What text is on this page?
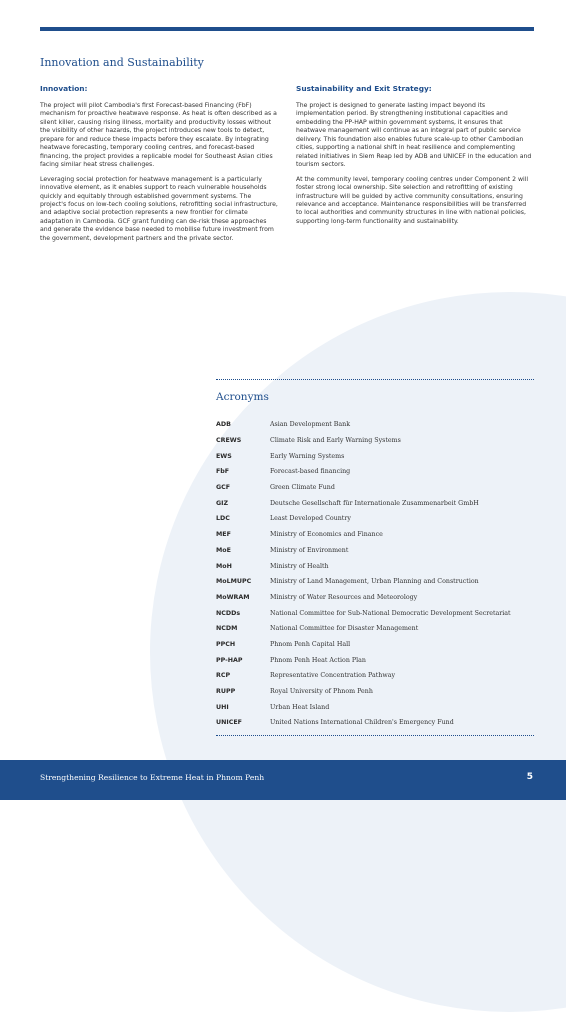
Innovation and Sustainability
Innovation:

The project will pilot Cambodia's first Forecast-based Financing (FbF) mechanism for proactive heatwave response. As heat is often described as a silent killer, causing rising illness, mortality and productivity losses without the visibility of other hazards, the project introduces new tools to detect, prepare for and reduce these impacts before they escalate. By integrating heatwave forecasting, temporary cooling centres, and forecast-based financing, the project provides a replicable model for Southeast Asian cities facing similar heat stress challenges.

Leveraging social protection for heatwave management is a particularly innovative element, as it enables support to reach vulnerable households quickly and equitably through established government systems. The project's focus on low-tech cooling solutions, retrofitting social infrastructure, and adaptive social protection represents a new frontier for climate adaptation in Cambodia. GCF grant funding can de-risk these approaches and generate the evidence base needed to mobilise future investment from the government, development partners and the private sector.

Sustainability and Exit Strategy:

The project is designed to generate lasting impact beyond its implementation period. By strengthening institutional capacities and embedding the PP-HAP within government systems, it ensures that heatwave management will continue as an integral part of public service delivery. This foundation also enables future scale-up to other Cambodian cities, supporting a national shift in heat resilience and complementing related initiatives in Siem Reap led by ADB and UNICEF in the education and tourism sectors.

At the community level, temporary cooling centres under Component 2 will foster strong local ownership. Site selection and retrofitting of existing infrastructure will be guided by active community consultations, ensuring relevance and acceptance. Maintenance responsibilities will be transferred to local authorities and community structures in line with national policies, supporting long-term functionality and sustainability.

Acronyms
ADB	Asian Development Bank
CREWS	Climate Risk and Early Warning Systems
EWS	Early Warning Systems
FbF	Forecast-based financing
GCF	Green Climate Fund
GIZ	Deutsche Gesellschaft für Internationale Zusammenarbeit GmbH
LDC	Least Developed Country
MEF	Ministry of Economics and Finance
MoE	Ministry of Environment
MoH	Ministry of Health
MoLMUPC	Ministry of Land Management, Urban Planning and Construction
MoWRAM	Ministry of Water Resources and Meteorology
NCDDs	National Committee for Sub-National Democratic Development Secretariat
NCDM	National Committee for Disaster Management
PPCH	Phnom Penh Capital Hall
PP-HAP	Phnom Penh Heat Action Plan
RCP	Representative Concentration Pathway
RUPP	Royal University of Phnom Penh
UHI	Urban Heat Island
UNICEF	United Nations International Children's Emergency Fund
Strengthening Resilience to Extreme Heat in Phnom Penh	5
